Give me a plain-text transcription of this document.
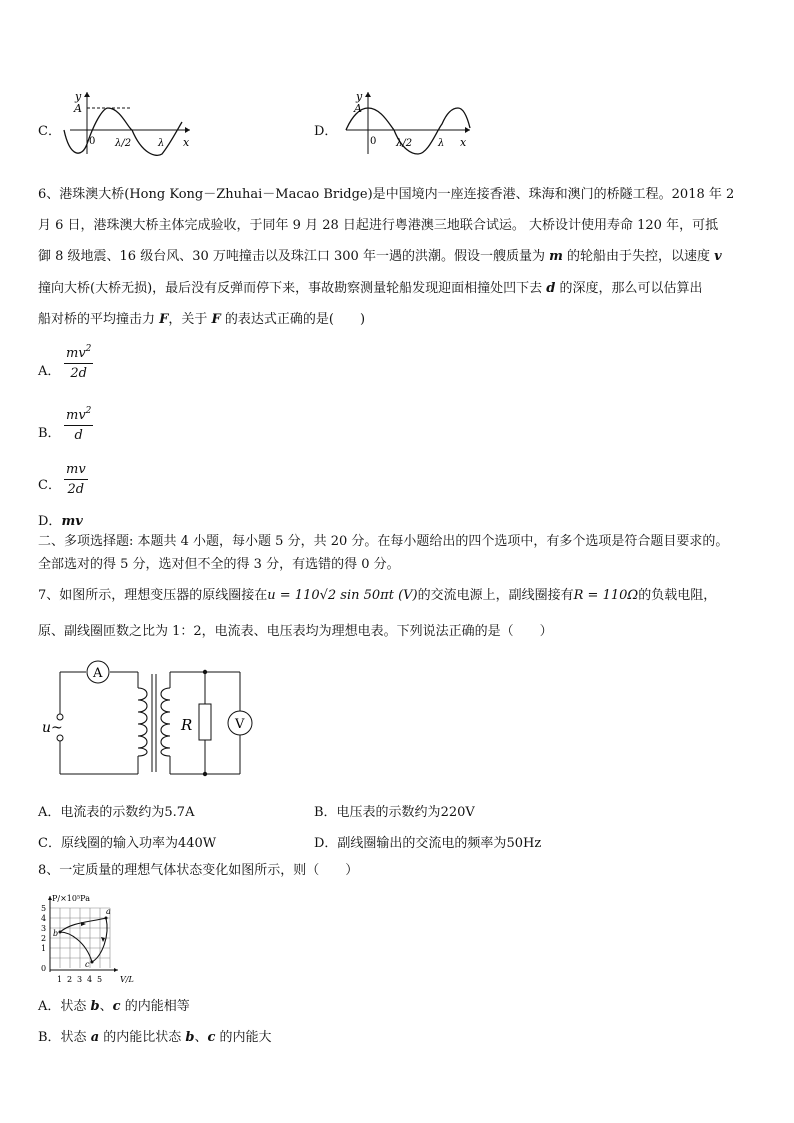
C．
y
A
0 λ/2	λ x
D．
y
A
0 λ/2	λ x
6、港珠澳大桥(Hong Kong－Zhuhai－Macao Bridge)是中国境内一座连接香港、珠海和澳门的桥隧工程。2018 年 2
月 6 日，港珠澳大桥主体完成验收，于同年 9 月 28 日起进行粤港澳三地联合试运。 大桥设计使用寿命 120 年，可抵
御 8 级地震、16 级台风、30 万吨撞击以及珠江口 300 年一遇的洪潮。假设一艘质量为 m 的轮船由于失控，以速度 v
撞向大桥(大桥无损)，最后没有反弹而停下来，事故勘察测量轮船发现迎面相撞处凹下去 d 的深度，那么可以估算出
船对桥的平均撞击力 F，关于 F 的表达式正确的是(　　)
A． $\frac{mv^2}{2d}$
B． $\frac{mv^2}{d}$
C． $\frac{mv}{2d}$
D．mv
二、多项选择题: 本题共 4 小题，每小题 5 分，共 20 分。在每小题给出的四个选项中，有多个选项是符合题目要求的。
全部选对的得 5 分，选对但不全的得 3 分，有选错的得 0 分。
7、如图所示，理想变压器的原线圈接在u = 110√2 sin 50πt (V)的交流电源上，副线圈接有R = 110Ω的负载电阻，
原、副线圈匝数之比为 1：2，电流表、电压表均为理想电表。下列说法正确的是（　　）
A
R	V
u~
A．电流表的示数约为5.7A	B．电压表的示数约为220V
C．原线圈的输入功率为440W	D．副线圈输出的交流电的频率为50Hz
8、一定质量的理想气体状态变化如图所示，则（　　）
P/×10⁵Pa
V/L
5
4
3
2
1
0
1 2 3 4 5
a
b
c
A．状态 b、c 的内能相等
B．状态 a 的内能比状态 b、c 的内能大
